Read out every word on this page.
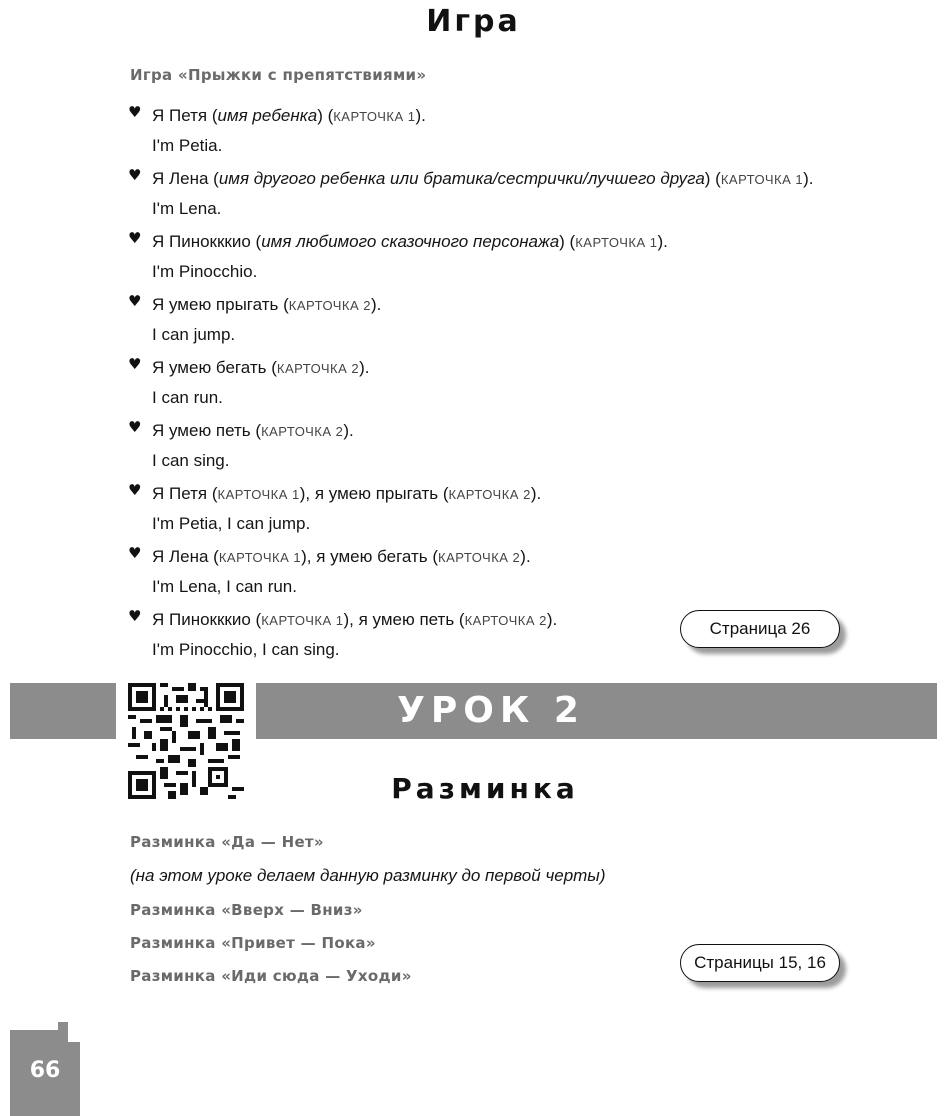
Игра
Игра «Прыжки с препятствиями»
♥ Я Петя (имя ребенка) (КАРТОЧКА 1).
I'm Petia.
♥ Я Лена (имя другого ребенка или братика/сестрички/лучшего друга) (КАРТОЧКА 1).
I'm Lena.
♥ Я Пинокккио (имя любимого сказочного персонажа) (КАРТОЧКА 1).
I'm Pinocchio.
♥ Я умею прыгать (КАРТОЧКА 2).
I can jump.
♥ Я умею бегать (КАРТОЧКА 2).
I can run.
♥ Я умею петь (КАРТОЧКА 2).
I can sing.
♥ Я Петя (КАРТОЧКА 1), я умею прыгать (КАРТОЧКА 2).
I'm Petia, I can jump.
♥ Я Лена (КАРТОЧКА 1), я умею бегать (КАРТОЧКА 2).
I'm Lena, I can run.
♥ Я Пинокккио (КАРТОЧКА 1), я умею петь (КАРТОЧКА 2).
I'm Pinocchio, I can sing.
Страница 26
УРОК 2
Разминка
Разминка «Да — Нет»
(на этом уроке делаем данную разминку до первой черты)
Разминка «Вверх — Вниз»
Разминка «Привет — Пока»
Разминка «Иди сюда — Уходи»
Страницы 15, 16
66
